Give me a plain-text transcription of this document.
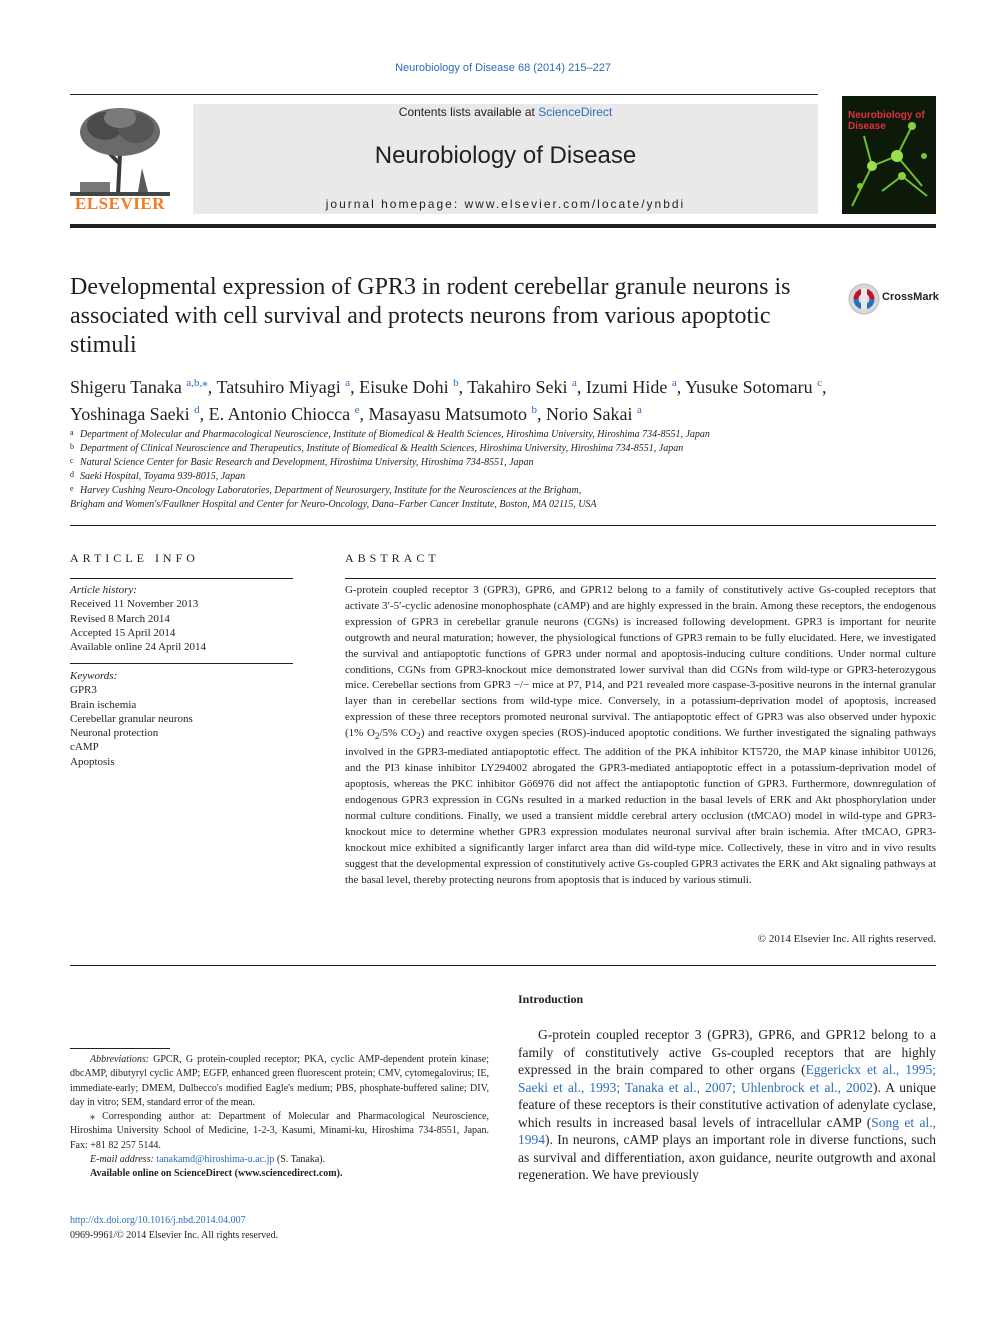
Neurobiology of Disease 68 (2014) 215–227
ELSEVIER
Contents lists available at ScienceDirect
Neurobiology of Disease
journal homepage: www.elsevier.com/locate/ynbdi
Neurobiology of Disease
Developmental expression of GPR3 in rodent cerebellar granule neurons is associated with cell survival and protects neurons from various apoptotic stimuli
CrossMark
Shigeru Tanaka $^{a,b,⁎}$, Tatsuhiro Miyagi $^a$, Eisuke Dohi $^b$, Takahiro Seki $^a$, Izumi Hide $^a$, Yusuke Sotomaru $^c$,
Yoshinaga Saeki $^d$, E. Antonio Chiocca $^e$, Masayasu Matsumoto $^b$, Norio Sakai $^a$
a Department of Molecular and Pharmacological Neuroscience, Institute of Biomedical & Health Sciences, Hiroshima University, Hiroshima 734-8551, Japan
b Department of Clinical Neuroscience and Therapeutics, Institute of Biomedical & Health Sciences, Hiroshima University, Hiroshima 734-8551, Japan
c Natural Science Center for Basic Research and Development, Hiroshima University, Hiroshima 734-8551, Japan
d Saeki Hospital, Toyama 939-8015, Japan
e Harvey Cushing Neuro-Oncology Laboratories, Department of Neurosurgery, Institute for the Neurosciences at the Brigham,
Brigham and Women's/Faulkner Hospital and Center for Neuro-Oncology, Dana–Farber Cancer Institute, Boston, MA 02115, USA
ARTICLE INFO	ABSTRACT
Article history:
Received 11 November 2013
Revised 8 March 2014
Accepted 15 April 2014
Available online 24 April 2014
Keywords:
GPR3
Brain ischemia
Cerebellar granular neurons
Neuronal protection
cAMP
Apoptosis
G-protein coupled receptor 3 (GPR3), GPR6, and GPR12 belong to a family of constitutively active Gs-coupled receptors that activate 3′-5′-cyclic adenosine monophosphate (cAMP) and are highly expressed in the brain. Among these receptors, the endogenous expression of GPR3 in cerebellar granule neurons (CGNs) is increased following development. GPR3 is important for neurite outgrowth and neural maturation; however, the physiological functions of GPR3 remain to be fully elucidated. Here, we investigated the survival and antiapoptotic functions of GPR3 under normal and apoptosis-inducing culture conditions. Under normal culture conditions, CGNs from GPR3-knockout mice demonstrated lower survival than did CGNs from wild-type or GPR3-heterozygous mice. Cerebellar sections from GPR3 −/− mice at P7, P14, and P21 revealed more caspase-3-positive neurons in the internal granular layer than in cerebellar sections from wild-type mice. Conversely, in a potassium-deprivation model of apoptosis, increased expression of these three receptors promoted neuronal survival. The antiapoptotic effect of GPR3 was also observed under hypoxic (1% $O_2/5\%$ $CO_2$) and reactive oxygen species (ROS)-induced apoptotic conditions. We further investigated the signaling pathways involved in the GPR3-mediated antiapoptotic effect. The addition of the PKA inhibitor KT5720, the MAP kinase inhibitor U0126, and the PI3 kinase inhibitor LY294002 abrogated the GPR3-mediated antiapoptotic effect in a potassium-deprivation model of apoptosis, whereas the PKC inhibitor Gö6976 did not affect the antiapoptotic function of GPR3. Furthermore, downregulation of endogenous GPR3 expression in CGNs resulted in a marked reduction in the basal levels of ERK and Akt phosphorylation under normal culture conditions. Finally, we used a transient middle cerebral artery occlusion (tMCAO) model in wild-type and GPR3-knockout mice to determine whether GPR3 expression modulates neuronal survival after brain ischemia. After tMCAO, GPR3-knockout mice exhibited a significantly larger infarct area than did wild-type mice. Collectively, these in vitro and in vivo results suggest that the developmental expression of constitutively active Gs-coupled GPR3 activates the ERK and Akt signaling pathways at the basal level, thereby protecting neurons from apoptosis that is induced by various stimuli.
© 2014 Elsevier Inc. All rights reserved.
Introduction
G-protein coupled receptor 3 (GPR3), GPR6, and GPR12 belong to a family of constitutively active Gs-coupled receptors that are highly expressed in the brain compared to other organs (Eggerickx et al., 1995; Saeki et al., 1993; Tanaka et al., 2007; Uhlenbrock et al., 2002). A unique feature of these receptors is their constitutive activation of adenylate cyclase, which results in increased basal levels of intracellular cAMP (Song et al., 1994). In neurons, cAMP plays an important role in diverse functions, such as survival and differentiation, axon guidance, neurite outgrowth and axonal regeneration. We have previously
Abbreviations: GPCR, G protein-coupled receptor; PKA, cyclic AMP-dependent protein kinase; dbcAMP, dibutyryl cyclic AMP; EGFP, enhanced green fluorescent protein; CMV, cytomegalovirus; IE, immediate-early; DMEM, Dulbecco's modified Eagle's medium; PBS, phosphate-buffered saline; DIV, day in vitro; SEM, standard error of the mean.
⁎ Corresponding author at: Department of Molecular and Pharmacological Neuroscience, Hiroshima University School of Medicine, 1-2-3, Kasumi, Minami-ku, Hiroshima 734-8551, Japan. Fax: +81 82 257 5144.
E-mail address: tanakamd@hiroshima-u.ac.jp (S. Tanaka).
Available online on ScienceDirect (www.sciencedirect.com).
http://dx.doi.org/10.1016/j.nbd.2014.04.007
0969-9961/© 2014 Elsevier Inc. All rights reserved.
